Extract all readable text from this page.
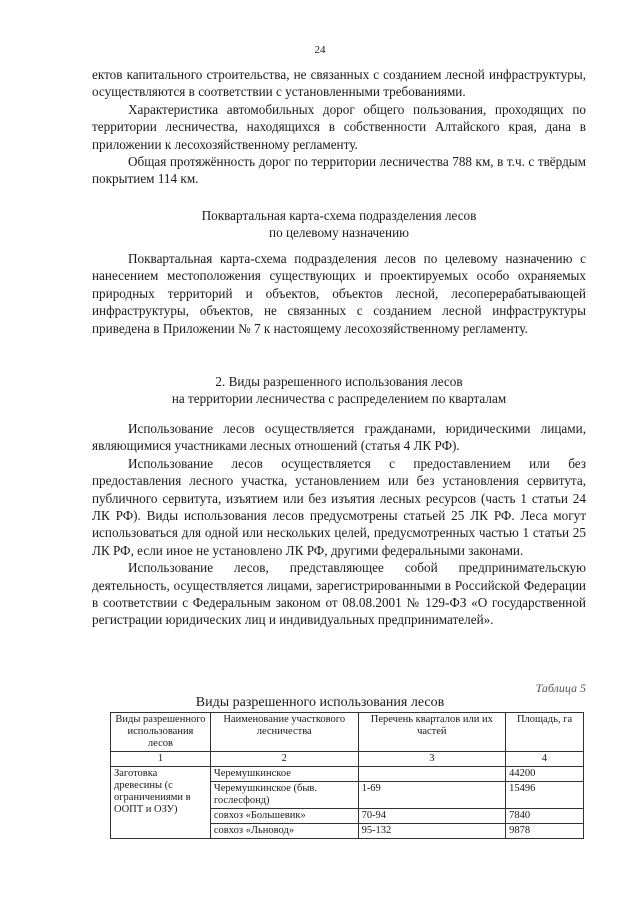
24

ектов капитального строительства, не связанных с созданием лесной инфраструктуры, осуществляются в соответствии с установленными требованиями.

Характеристика автомобильных дорог общего пользования, проходящих по территории лесничества, находящихся в собственности Алтайского края, дана в приложении к лесохозяйственному регламенту.

Общая протяжённость дорог по территории лесничества 788 км, в т.ч. с твёрдым покрытием 114 км.

Поквартальная карта-схема подразделения лесов

по целевому назначению

Поквартальная карта-схема подразделения лесов по целевому назначению с нанесением местоположения существующих и проектируемых особо охраняемых природных территорий и объектов, объектов лесной, лесоперерабатывающей инфраструктуры, объектов, не связанных с созданием лесной инфраструктуры приведена в Приложении № 7 к настоящему лесохозяйственному регламенту.

2. Виды разрешенного использования лесов

на территории лесничества с распределением по кварталам

Использование лесов осуществляется гражданами, юридическими лицами, являющимися участниками лесных отношений (статья 4 ЛК РФ).

Использование лесов осуществляется с предоставлением или без предоставления лесного участка, установлением или без установления сервитута, публичного сервитута, изъятием или без изъятия лесных ресурсов (часть 1 статьи 24 ЛК РФ). Виды использования лесов предусмотрены статьей 25 ЛК РФ. Леса могут использоваться для одной или нескольких целей, предусмотренных частью 1 статьи 25 ЛК РФ, если иное не установлено ЛК РФ, другими федеральными законами.

Использование лесов, представляющее собой предпринимательскую деятельность, осуществляется лицами, зарегистрированными в Российской Федерации в соответствии с Федеральным законом от 08.08.2001 № 129-ФЗ «О государственной регистрации юридических лиц и индивидуальных предпринимателей».

Таблица 5
Виды разрешенного использования лесов
Виды разрешенного использования лесов	Наименование участкового лесничества	Перечень кварталов или их частей	Площадь, га
1	2	3	4
Заготовка древесины (с ограничениями в ООПТ и ОЗУ)	Черемушкинское		44200
	Черемушкинское (быв. гослесфонд)	1-69	15496
	совхоз «Большевик»	70-94	7840
	совхоз «Льновод»	95-132	9878
